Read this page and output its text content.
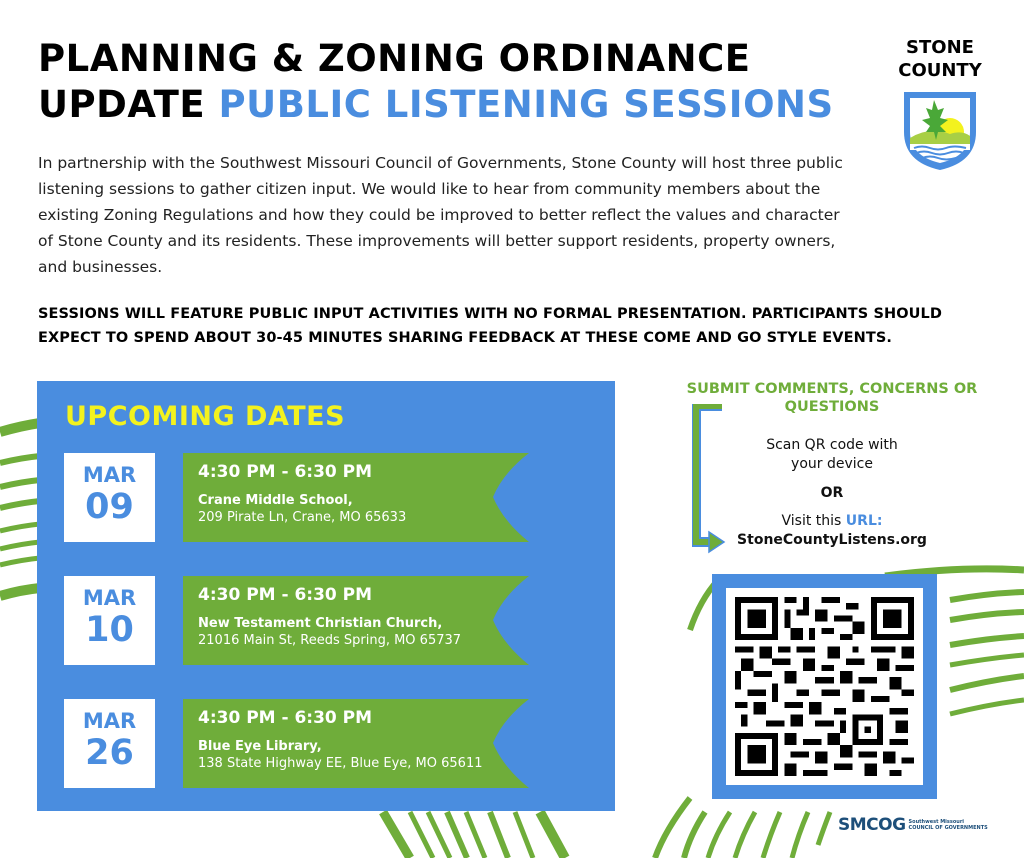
PLANNING & ZONING ORDINANCE
UPDATE PUBLIC LISTENING SESSIONS
STONE
COUNTY

In partnership with the Southwest Missouri Council of Governments, Stone County will host three public listening sessions to gather citizen input. We would like to hear from community members about the existing Zoning Regulations and how they could be improved to better reflect the values and character of Stone County and its residents. These improvements will better support residents, property owners, and businesses.

SESSIONS WILL FEATURE PUBLIC INPUT ACTIVITIES WITH NO FORMAL PRESENTATION. PARTICIPANTS SHOULD EXPECT TO SPEND ABOUT 30-45 MINUTES SHARING FEEDBACK AT THESE COME AND GO STYLE EVENTS.

UPCOMING DATES
MAR
09
4:30 PM - 6:30 PM
Crane Middle School,
209 Pirate Ln, Crane, MO 65633
MAR
10
4:30 PM - 6:30 PM
New Testament Christian Church,
21016 Main St, Reeds Spring, MO 65737
MAR
26
4:30 PM - 6:30 PM
Blue Eye Library,
138 State Highway EE, Blue Eye, MO 65611
SUBMIT COMMENTS, CONCERNS OR QUESTIONS
Scan QR code with
your device
OR
Visit this URL:
StoneCountyListens.org
SMCOG Southwest Missouri
COUNCIL OF GOVERNMENTS
